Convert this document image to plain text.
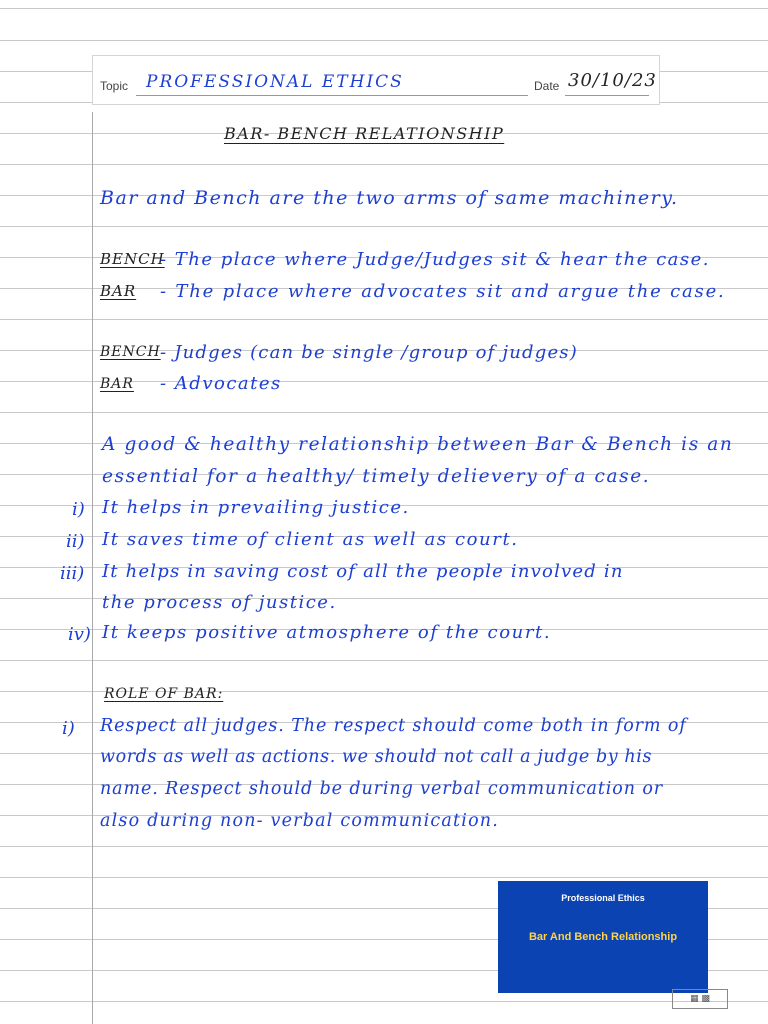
Topic PROFESSIONAL ETHICS	Date 30/10/23
BAR- BENCH RELATIONSHIP
Bar and Bench are the two arms of same machinery.
BENCH
- The place where Judge/Judges sit & hear the case.
BAR - The place where advocates sit and argue the case.
BENCH - Judges (can be single /group of judges)
BAR - Advocates
A good & healthy relationship between Bar & Bench is an
essential for a healthy/ timely delievery of a case.
i) It helps in prevailing justice.
ii) It saves time of client as well as court.
iii) It helps in saving cost of all the people involved in
the process of justice.
iv) It keeps positive atmosphere of the court.
ROLE OF BAR:
i) Respect all judges. The respect should come both in form of
words as well as actions. we should not call a judge by his
name. Respect should be during verbal communication or
also during non- verbal communication.
Professional Ethics
Bar And Bench Relationship
▦ ▩
